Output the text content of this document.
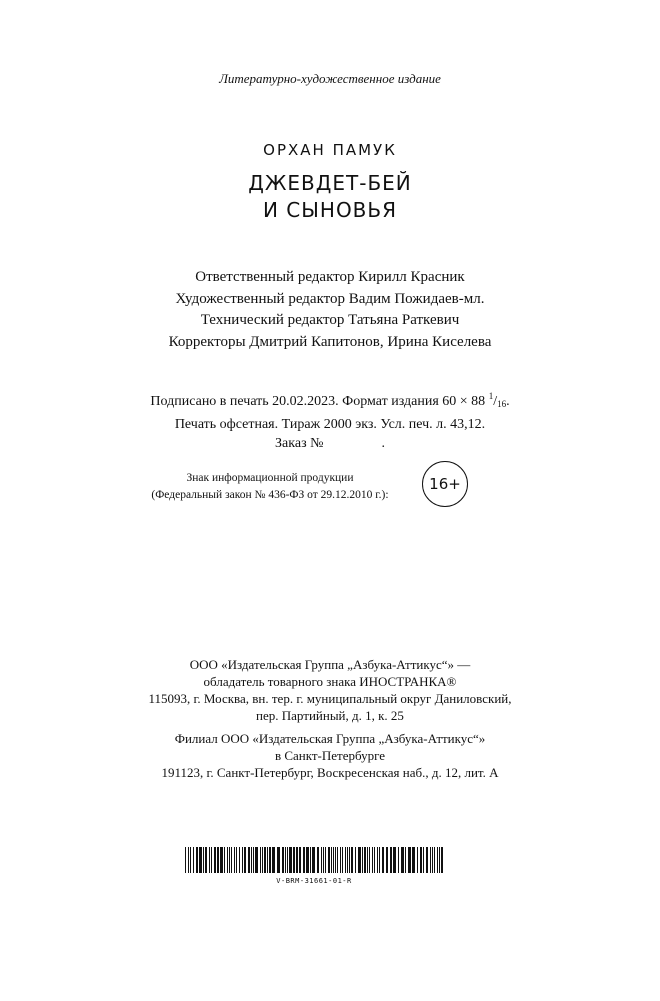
Литературно-художественное издание
ОРХАН ПАМУК
ДЖЕВДЕТ-БЕЙ
И СЫНОВЬЯ
Ответственный редактор Кирилл Красник
Художественный редактор Вадим Пожидаев-мл.
Технический редактор Татьяна Раткевич
Корректоры Дмитрий Капитонов, Ирина Киселева
Подписано в печать 20.02.2023. Формат издания 60 × 88 $^1$/16.
Печать офсетная. Тираж 2000 экз. Усл. печ. л. 43,12.
Заказ №	.
Знак информационной продукции
(Федеральный закон № 436-ФЗ от 29.12.2010 г.):
16+
ООО «Издательская Группа „Азбука-Аттикус“» —
обладатель товарного знака ИНОСТРАНКА®
115093, г. Москва, вн. тер. г. муниципальный округ Даниловский,
пер. Партийный, д. 1, к. 25
Филиал ООО «Издательская Группа „Азбука-Аттикус“»
в Санкт-Петербурге
191123, г. Санкт-Петербург, Воскресенская наб., д. 12, лит. А
V-BRM-31661-01-R
